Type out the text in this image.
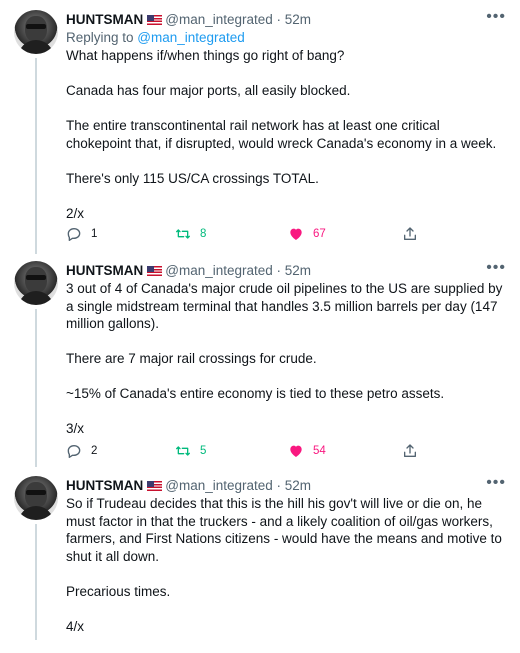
•••
HUNTSMAN @man_integrated · 52m
Replying to @man_integrated

What happens if/when things go right of bang?

Canada has four major ports, all easily blocked.

The entire transcontinental rail network has at least one critical chokepoint that, if disrupted, would wreck Canada's economy in a week.

There's only 115 US/CA crossings TOTAL.

2/x

1	8	67
•••
HUNTSMAN @man_integrated · 52m

3 out of 4 of Canada's major crude oil pipelines to the US are supplied by a single midstream terminal that handles 3.5 million barrels per day (147 million gallons).

There are 7 major rail crossings for crude.

~15% of Canada's entire economy is tied to these petro assets.

3/x

2	5	54
•••
HUNTSMAN @man_integrated · 52m

So if Trudeau decides that this is the hill his gov't will live or die on, he must factor in that the truckers - and a likely coalition of oil/gas workers, farmers, and First Nations citizens - would have the means and motive to shut it all down.

Precarious times.

4/x
